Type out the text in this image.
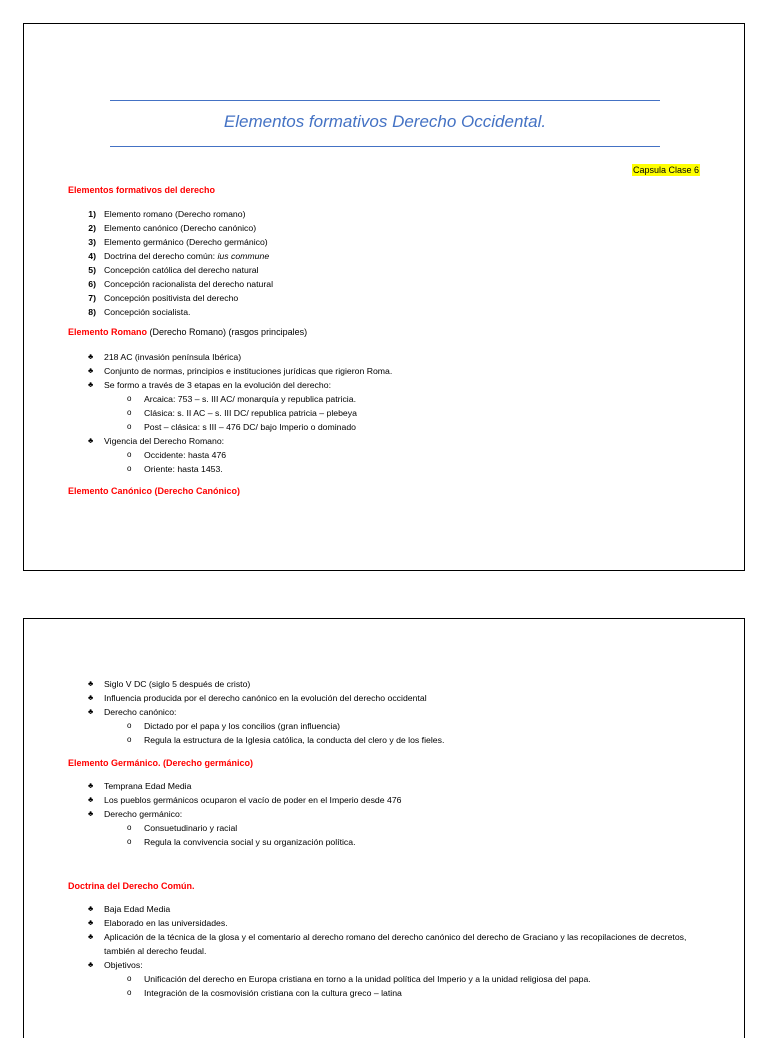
Elementos formativos Derecho Occidental.
Capsula Clase 6
Elementos formativos del derecho
1) Elemento romano (Derecho romano)
2) Elemento canónico (Derecho canónico)
3) Elemento germánico (Derecho germánico)
4) Doctrina del derecho común: ius commune
5) Concepción católica del derecho natural
6) Concepción racionalista del derecho natural
7) Concepción positivista del derecho
8) Concepción socialista.
Elemento Romano (Derecho Romano) (rasgos principales)
♣ 218 AC (invasión península Ibérica)
♣ Conjunto de normas, principios e instituciones jurídicas que rigieron Roma.
♣ Se formo a través de 3 etapas en la evolución del derecho:
o Arcaica: 753 – s. III AC/ monarquía y republica patricia.
o Clásica: s. II AC – s. III DC/ republica patricia – plebeya
o Post – clásica: s III – 476 DC/ bajo Imperio o dominado
♣ Vigencia del Derecho Romano:
o Occidente: hasta 476
o Oriente: hasta 1453.
Elemento Canónico (Derecho Canónico)
♣ Siglo V DC (siglo 5 después de cristo)
♣ Influencia producida por el derecho canónico en la evolución del derecho occidental
♣ Derecho canónico:
o Dictado por el papa y los concilios (gran influencia)
o Regula la estructura de la Iglesia católica, la conducta del clero y de los fieles.
Elemento Germánico. (Derecho germánico)
♣ Temprana Edad Media
♣ Los pueblos germánicos ocuparon el vacío de poder en el Imperio desde 476
♣ Derecho germánico:
o Consuetudinario y racial
o Regula la convivencia social y su organización política.
Doctrina del Derecho Común.
♣ Baja Edad Media
♣ Elaborado en las universidades.
♣ Aplicación de la técnica de la glosa y el comentario al derecho romano del derecho canónico del derecho de Graciano y las recopilaciones de decretos, también al derecho feudal.
♣ Objetivos:
o Unificación del derecho en Europa cristiana en torno a la unidad política del Imperio y a la unidad religiosa del papa.
o Integración de la cosmovisión cristiana con la cultura greco – latina
